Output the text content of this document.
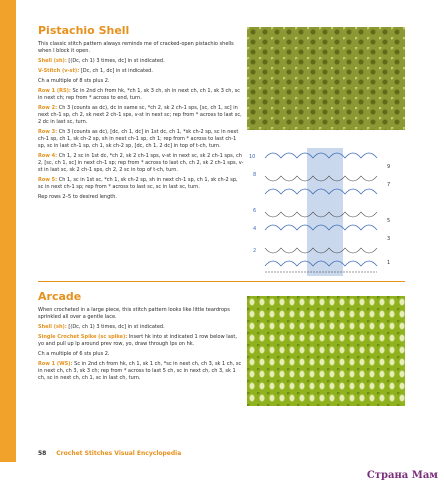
Pistachio Shell

This classic stitch pattern always reminds me of cracked-open pistachio shells when I block it open.

Shell (sh): [(Dc, ch 1) 3 times, dc] in st indicated.

V-Stitch (v-st): [Dc, ch 1, dc] in st indicated.

Ch a multiple of 8 sts plus 2.

Row 1 (RS): Sc in 2nd ch from hk, *ch 1, sk 3 ch, sh in next ch, ch 1, sk 3 ch, sc in next ch; rep from * across to end, turn.

Row 2: Ch 3 (counts as dc), dc in same sc, *ch 2, sk 2 ch-1 sps, [sc, ch 1, sc] in next ch-1 sp, ch 2, sk next 2 ch-1 sps, v-st in next sc; rep from * across to last sc, 2 dc in last sc, turn.

Row 3: Ch 3 (counts as dc), [dc, ch 1, dc] in 1st dc, ch 1, *sk ch-2 sp, sc in next ch-1 sp, ch 1, sk ch-2 sp, sh in next ch-1 sp, ch 1; rep from * across to last ch-1 sp, sc in last ch-1 sp, ch 1, sk ch-2 sp, [dc, ch 1, 2 dc] in top of t-ch, turn.

Row 4: Ch 1, 2 sc in 1st dc, *ch 2, sk 2 ch-1 sps, v-st in next sc, sk 2 ch-1 sps, ch 2, [sc, ch 1, sc] in next ch-1 sp; rep from * across to last ch, ch 2, sk 2 ch-1 sps, v-st in last sc, sk 2 ch-1 sps, ch 2, 2 sc in top of t-ch, turn.

Row 5: Ch 1, sc in 1st sc, *ch 1, sk ch-2 sp, sh in next ch-1 sp, ch 1, sk ch-2 sp, sc in next ch-1 sp; rep from * across to last sc, sc in last sc, turn.

Rep rows 2–5 to desired length.

10
8
6
4
2
9
7
5
3
1
Arcade

When crocheted in a large piece, this stitch pattern looks like little teardrops sprinkled all over a gentle lace.

Shell (sh): [(Dc, ch 1) 3 times, dc] in st indicated.

Single Crochet Spike (sc spike): Insert hk into st indicated 1 row below last, yo and pull up lp around prev row, yo, draw through lps on hk.

Ch a multiple of 6 sts plus 2.

Row 1 (WS): Sc in 2nd ch from hk, ch 1, sk 1 ch, *sc in next ch, ch 3, sk 1 ch, sc in next ch, ch 3, sk 3 ch; rep from * across to last 5 ch, sc in next ch, ch 3, sk 1 ch, sc in next ch, ch 1, sc in last ch, turn.

58 Crochet Stitches Visual Encyclopedia
Страна Мам
